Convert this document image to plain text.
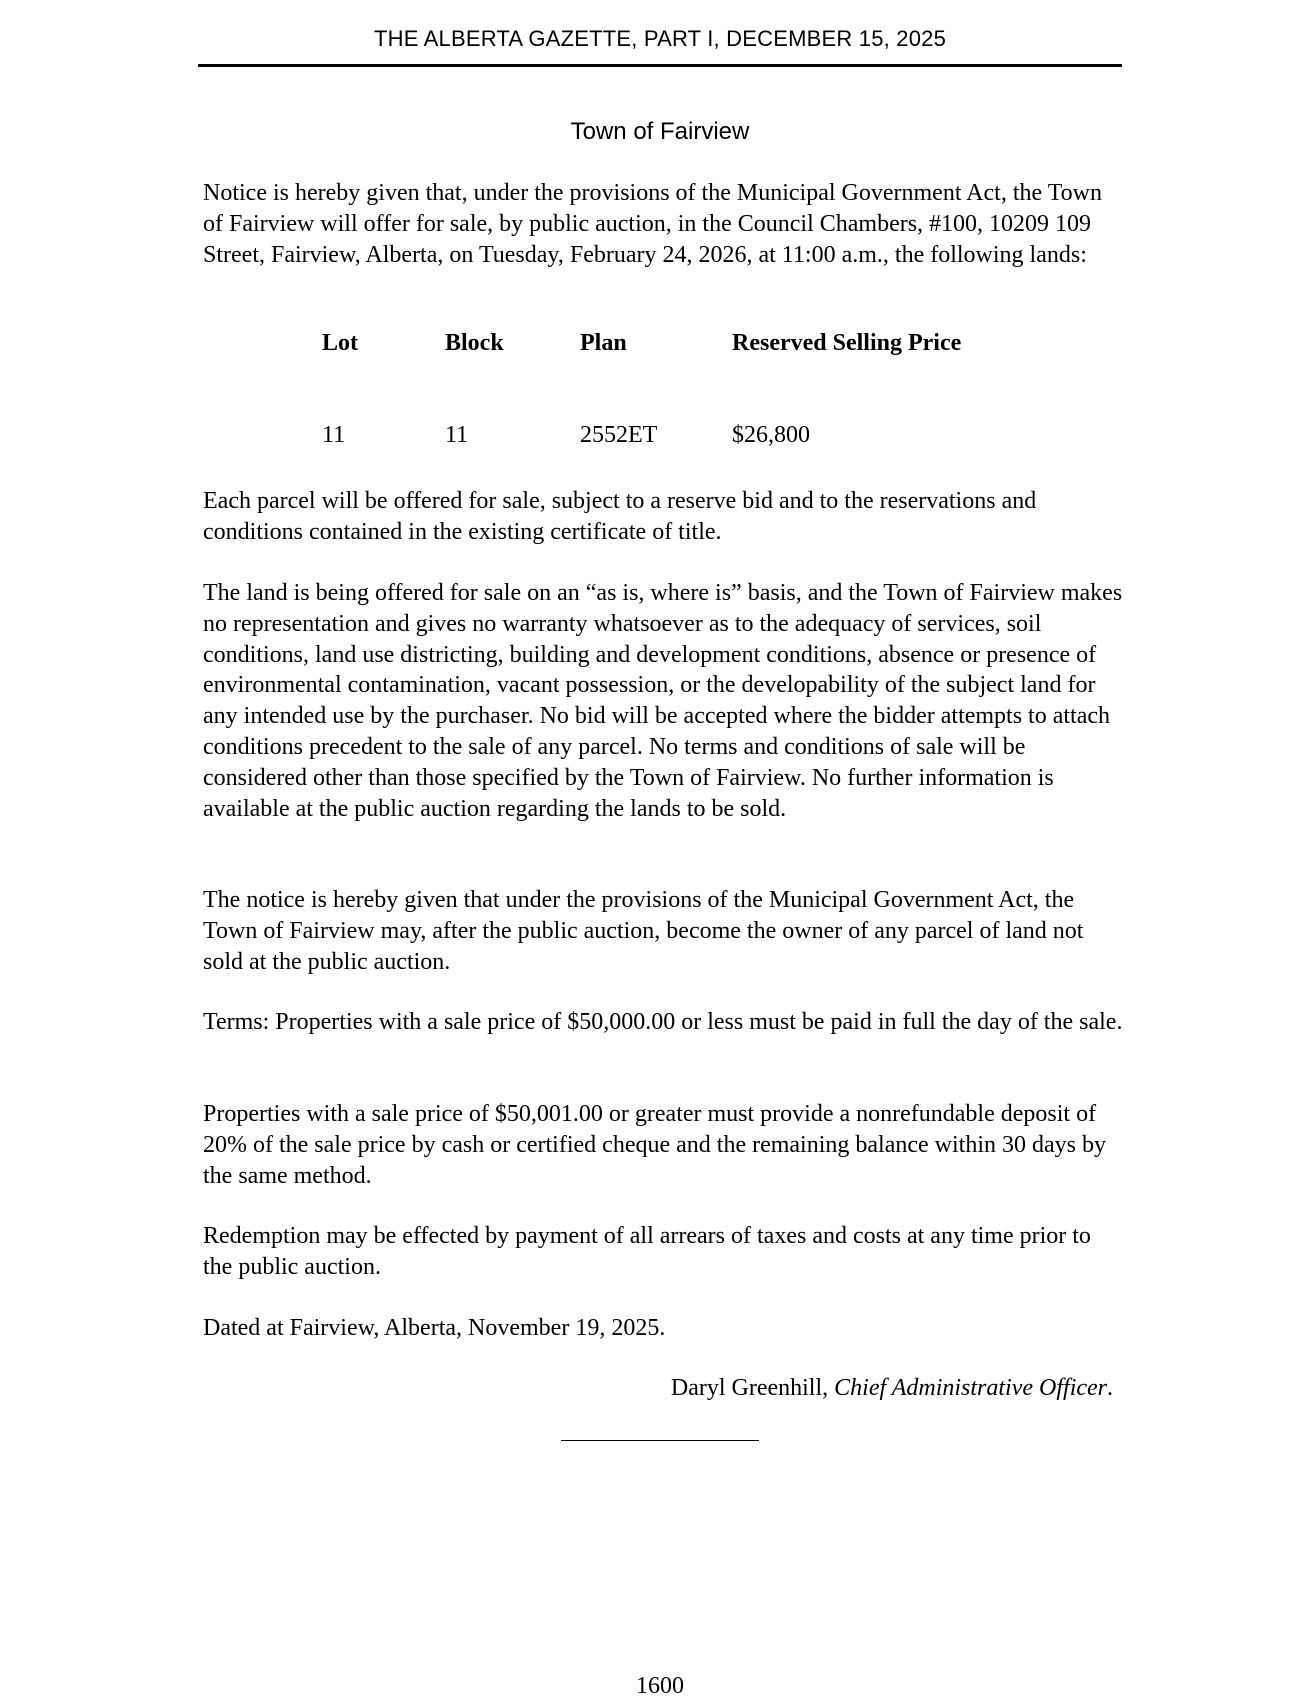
THE ALBERTA GAZETTE, PART I, DECEMBER 15, 2025
Town of Fairview

Notice is hereby given that, under the provisions of the Municipal Government Act, the Town of Fairview will offer for sale, by public auction, in the Council Chambers, #100, 10209 109 Street, Fairview, Alberta, on Tuesday, February 24, 2026, at 11:00 a.m., the following lands:

Lot	Block	Plan	Reserved Selling Price
11	11	2552ET	$26,800

Each parcel will be offered for sale, subject to a reserve bid and to the reservations and conditions contained in the existing certificate of title.

The land is being offered for sale on an “as is, where is” basis, and the Town of Fairview makes no representation and gives no warranty whatsoever as to the adequacy of services, soil conditions, land use districting, building and development conditions, absence or presence of environmental contamination, vacant possession, or the developability of the subject land for any intended use by the purchaser. No bid will be accepted where the bidder attempts to attach conditions precedent to the sale of any parcel. No terms and conditions of sale will be considered other than those specified by the Town of Fairview. No further information is available at the public auction regarding the lands to be sold.

The notice is hereby given that under the provisions of the Municipal Government Act, the Town of Fairview may, after the public auction, become the owner of any parcel of land not sold at the public auction.

Terms: Properties with a sale price of $50,000.00 or less must be paid in full the day of the sale.

Properties with a sale price of $50,001.00 or greater must provide a nonrefundable deposit of 20% of the sale price by cash or certified cheque and the remaining balance within 30 days by the same method.

Redemption may be effected by payment of all arrears of taxes and costs at any time prior to the public auction.

Dated at Fairview, Alberta, November 19, 2025.

Daryl Greenhill, Chief Administrative Officer.
1600
